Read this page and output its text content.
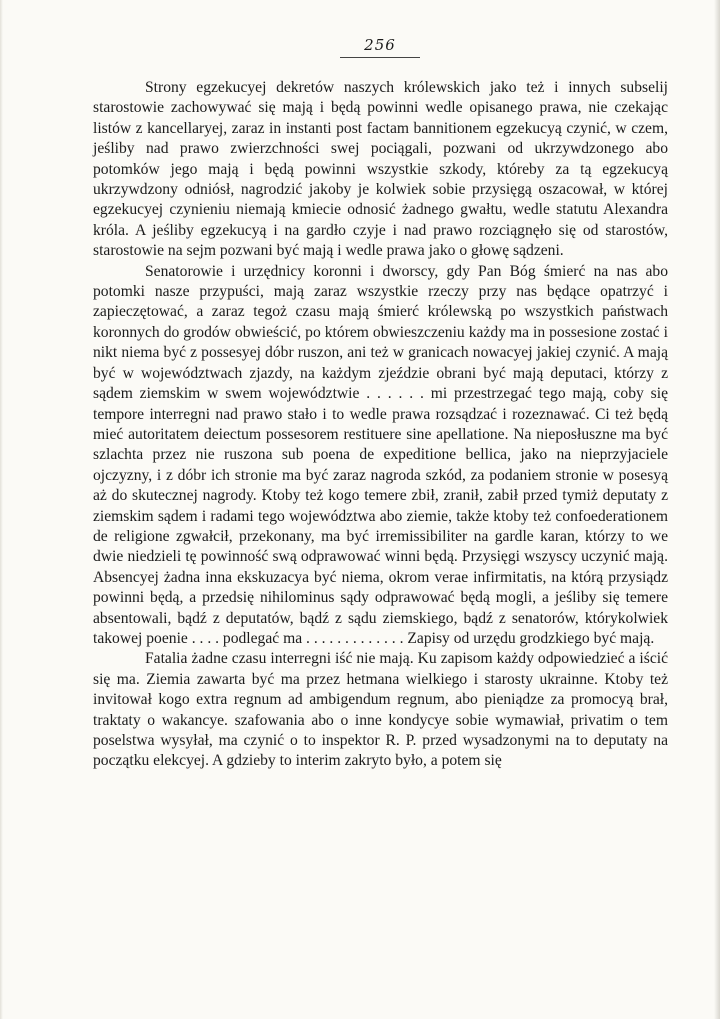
256

Strony egzekucyej dekretów naszych królewskich jako też i innych subselij starostowie zachowywać się mają i będą powinni wedle opisanego prawa, nie czekając listów z kancellaryej, zaraz in instanti post factam bannitionem egzekucyą czynić, w czem, jeśliby nad prawo zwierzchności swej pociągali, pozwani od ukrzywdzonego abo potomków jego mają i będą powinni wszystkie szkody, któreby za tą egzekucyą ukrzywdzony odniósł, nagrodzić jakoby je kolwiek sobie przysięgą oszacował, w której egzekucyej czynieniu niemają kmiecie odnosić żadnego gwałtu, wedle statutu Alexandra króla. A jeśliby egzekucyą i na gardło czyje i nad prawo rozciągnęło się od starostów, starostowie na sejm pozwani być mają i wedle prawa jako o głowę sądzeni.

Senatorowie i urzędnicy koronni i dworscy, gdy Pan Bóg śmierć na nas abo potomki nasze przypuści, mają zaraz wszystkie rzeczy przy nas będące opatrzyć i zapieczętować, a zaraz tegoż czasu mają śmierć królewską po wszystkich państwach koronnych do grodów obwieścić, po którem obwieszczeniu każdy ma in possesione zostać i nikt niema być z possesyej dóbr ruszon, ani też w granicach nowacyej jakiej czynić. A mają być w województwach zjazdy, na każdym zjeździe obrani być mają deputaci, którzy z sądem ziemskim w swem województwie . . . . . . mi przestrzegać tego mają, coby się tempore interregni nad prawo stało i to wedle prawa rozsądzać i rozeznawać. Ci też będą mieć autoritatem deiectum possesorem restituere sine apellatione. Na nieposłuszne ma być szlachta przez nie ruszona sub poena de expeditione bellica, jako na nieprzyjaciele ojczyzny, i z dóbr ich stronie ma być zaraz nagroda szkód, za podaniem stronie w posesyą aż do skutecznej nagrody. Ktoby też kogo temere zbił, zranił, zabił przed tymiż deputaty z ziemskim sądem i radami tego województwa abo ziemie, także ktoby też confoederationem de religione zgwałcił, przekonany, ma być irremissibiliter na gardle karan, którzy to we dwie niedzieli tę powinność swą odprawować winni będą. Przysięgi wszyscy uczynić mają. Absencyej żadna inna ekskuzacya być niema, okrom verae infirmitatis, na którą przysiądz powinni będą, a przedsię nihilominus sądy odprawować będą mogli, a jeśliby się temere absentowali, bądź z deputatów, bądź z sądu ziemskiego, bądź z senatorów, którykolwiek takowej poenie . . . . podlegać ma . . . . . . . . . . . . . Zapisy od urzędu grodzkiego być mają.

Fatalia żadne czasu interregni iść nie mają. Ku zapisom każdy odpowiedzieć a iścić się ma. Ziemia zawarta być ma przez hetmana wielkiego i starosty ukrainne. Ktoby też invitował kogo extra regnum ad ambigendum regnum, abo pieniądze za promocyą brał, traktaty o wakancye. szafowania abo o inne kondycye sobie wymawiał, privatim o tem poselstwa wysyłał, ma czynić o to inspektor R. P. przed wysadzonymi na to deputaty na początku elekcyej. A gdzieby to interim zakryto było, a potem się
